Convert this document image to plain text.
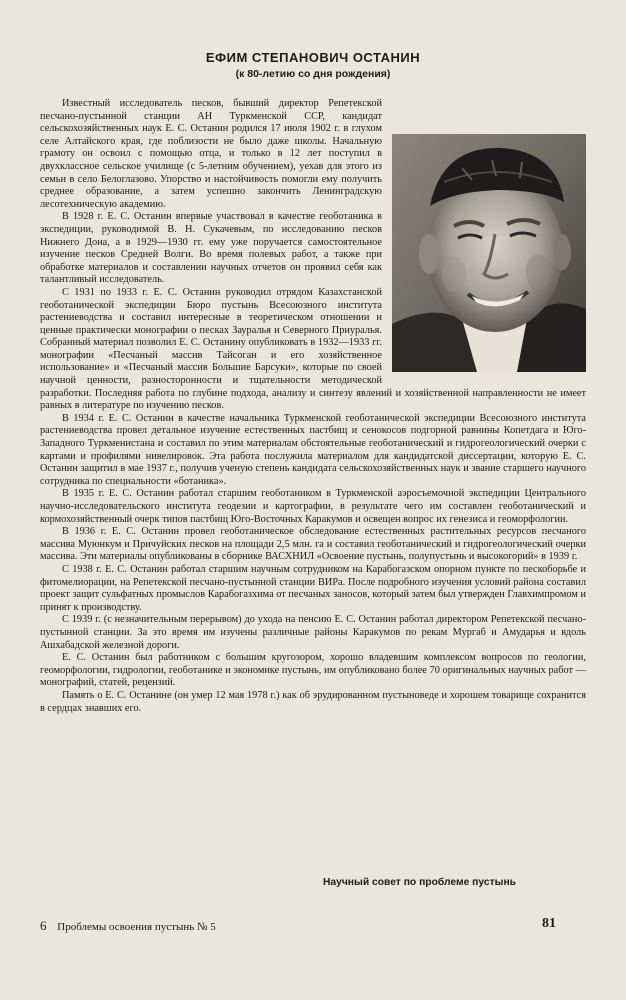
ЕФИМ СТЕПАНОВИЧ ОСТАНИН
(к 80-летию со дня рождения)

Известный исследователь песков, бывший директор Репетекской песчано-пустынной станции АН Туркменской ССР, кандидат сельскохозяйственных наук Е. С. Останин родился 17 июля 1902 г. в глухом селе Алтайского края, где поблизости не было даже школы. Начальную грамоту он освоил с помощью отца, и только в 12 лет поступил в двухклассное сельское училище (с 5-летним обучением), уехав для этого из семьи в село Белоглазово. Упорство и настойчивость помогли ему получить среднее образование, а затем успешно закончить Ленинградскую лесотехническую академию.

В 1928 г. Е. С. Останин впервые участвовал в качестве геоботаника в экспедиции, руководимой В. Н. Сукачевым, по исследованию песков Нижнего Дона, а в 1929—1930 гг. ему уже поручается самостоятельное изучение песков Средней Волги. Во время полевых работ, а также при обработке материалов и составлении научных отчетов он проявил себя как талантливый исследователь.

С 1931 по 1933 г. Е. С. Останин руководил отрядом Казахстанской геоботанической экспедиции Бюро пустынь Всесоюзного института растениеводства и составил интересные в теоретическом отношении и ценные практически монографии о песках Зауралья и Северного Приуралья. Собранный материал позволил Е. С. Останину опубликовать в 1932—1933 гг. монографии «Песчаный массив Тайсоган и его хозяйственное использование» и «Песчаный массив Большие Барсуки», которые по своей научной ценности, разносторонности и тщательности методической разработки. Последняя работа по глубине подхода, анализу и синтезу явлений и хозяйственной направленности не имеет равных в литературе по изучению песков.

В 1934 г. Е. С. Останин в качестве начальника Туркменской геоботанической экспедиции Всесоюзного института растениеводства провел детальное изучение естественных пастбищ и сенокосов подгорной равнины Копетдага и Юго-Западного Туркменистана и составил по этим материалам обстоятельные геоботанический и гидрогеологический очерки с картами и профилями нивелировок. Эта работа послужила материалом для кандидатской диссертации, которую Е. С. Останин защитил в мае 1937 г., получив ученую степень кандидата сельскохозяйственных наук и звание старшего научного сотрудника по специальности «ботаника».

В 1935 г. Е. С. Останин работал старшим геоботаником в Туркменской аэросъемочной экспедиции Центрального научно-исследовательского института геодезии и картографии, в результате чего им составлен геоботанический и кормохозяйственный очерк типов пастбищ Юго-Восточных Каракумов и освещен вопрос их генезиса и геоморфологии.

В 1936 г. Е. С. Останин провел геоботаническое обследование естественных растительных ресурсов песчаного массива Муюнкум и Причуйских песков на площади 2,5 млн. га и составил геоботанический и гидрогеологический очерки массива. Эти материалы опубликованы в сборнике ВАСХНИЛ «Освоение пустынь, полупустынь и высокогорий» в 1939 г.

С 1938 г. Е. С. Останин работал старшим научным сотрудником на Карабогазском опорном пункте по пескоборьбе и фитомелиорации, на Репетекской песчано-пустынной станции ВИРа. После подробного изучения условий района составил проект защит сульфатных промыслов Карабогазхима от песчаных заносов, который затем был утвержден Главхимпромом и принят к производству.

С 1939 г. (с незначительным перерывом) до ухода на пенсию Е. С. Останин работал директором Репетекской песчано-пустынной станции. За это время им изучены различные районы Каракумов по рекам Мургаб и Амударья и вдоль Ашхабадской железной дороги.

Е. С. Останин был работником с большим кругозором, хорошо владевшим комплексом вопросов по геологии, геоморфологии, гидрологии, геоботанике и экономике пустынь, им опубликовано более 70 оригинальных научных работ — монографий, статей, рецензий.

Память о Е. С. Останине (он умер 12 мая 1978 г.) как об эрудированном пустыноведе и хорошем товарище сохранится в сердцах знавших его.

Научный совет по проблеме пустынь
6 Проблемы освоения пустынь № 5	81
